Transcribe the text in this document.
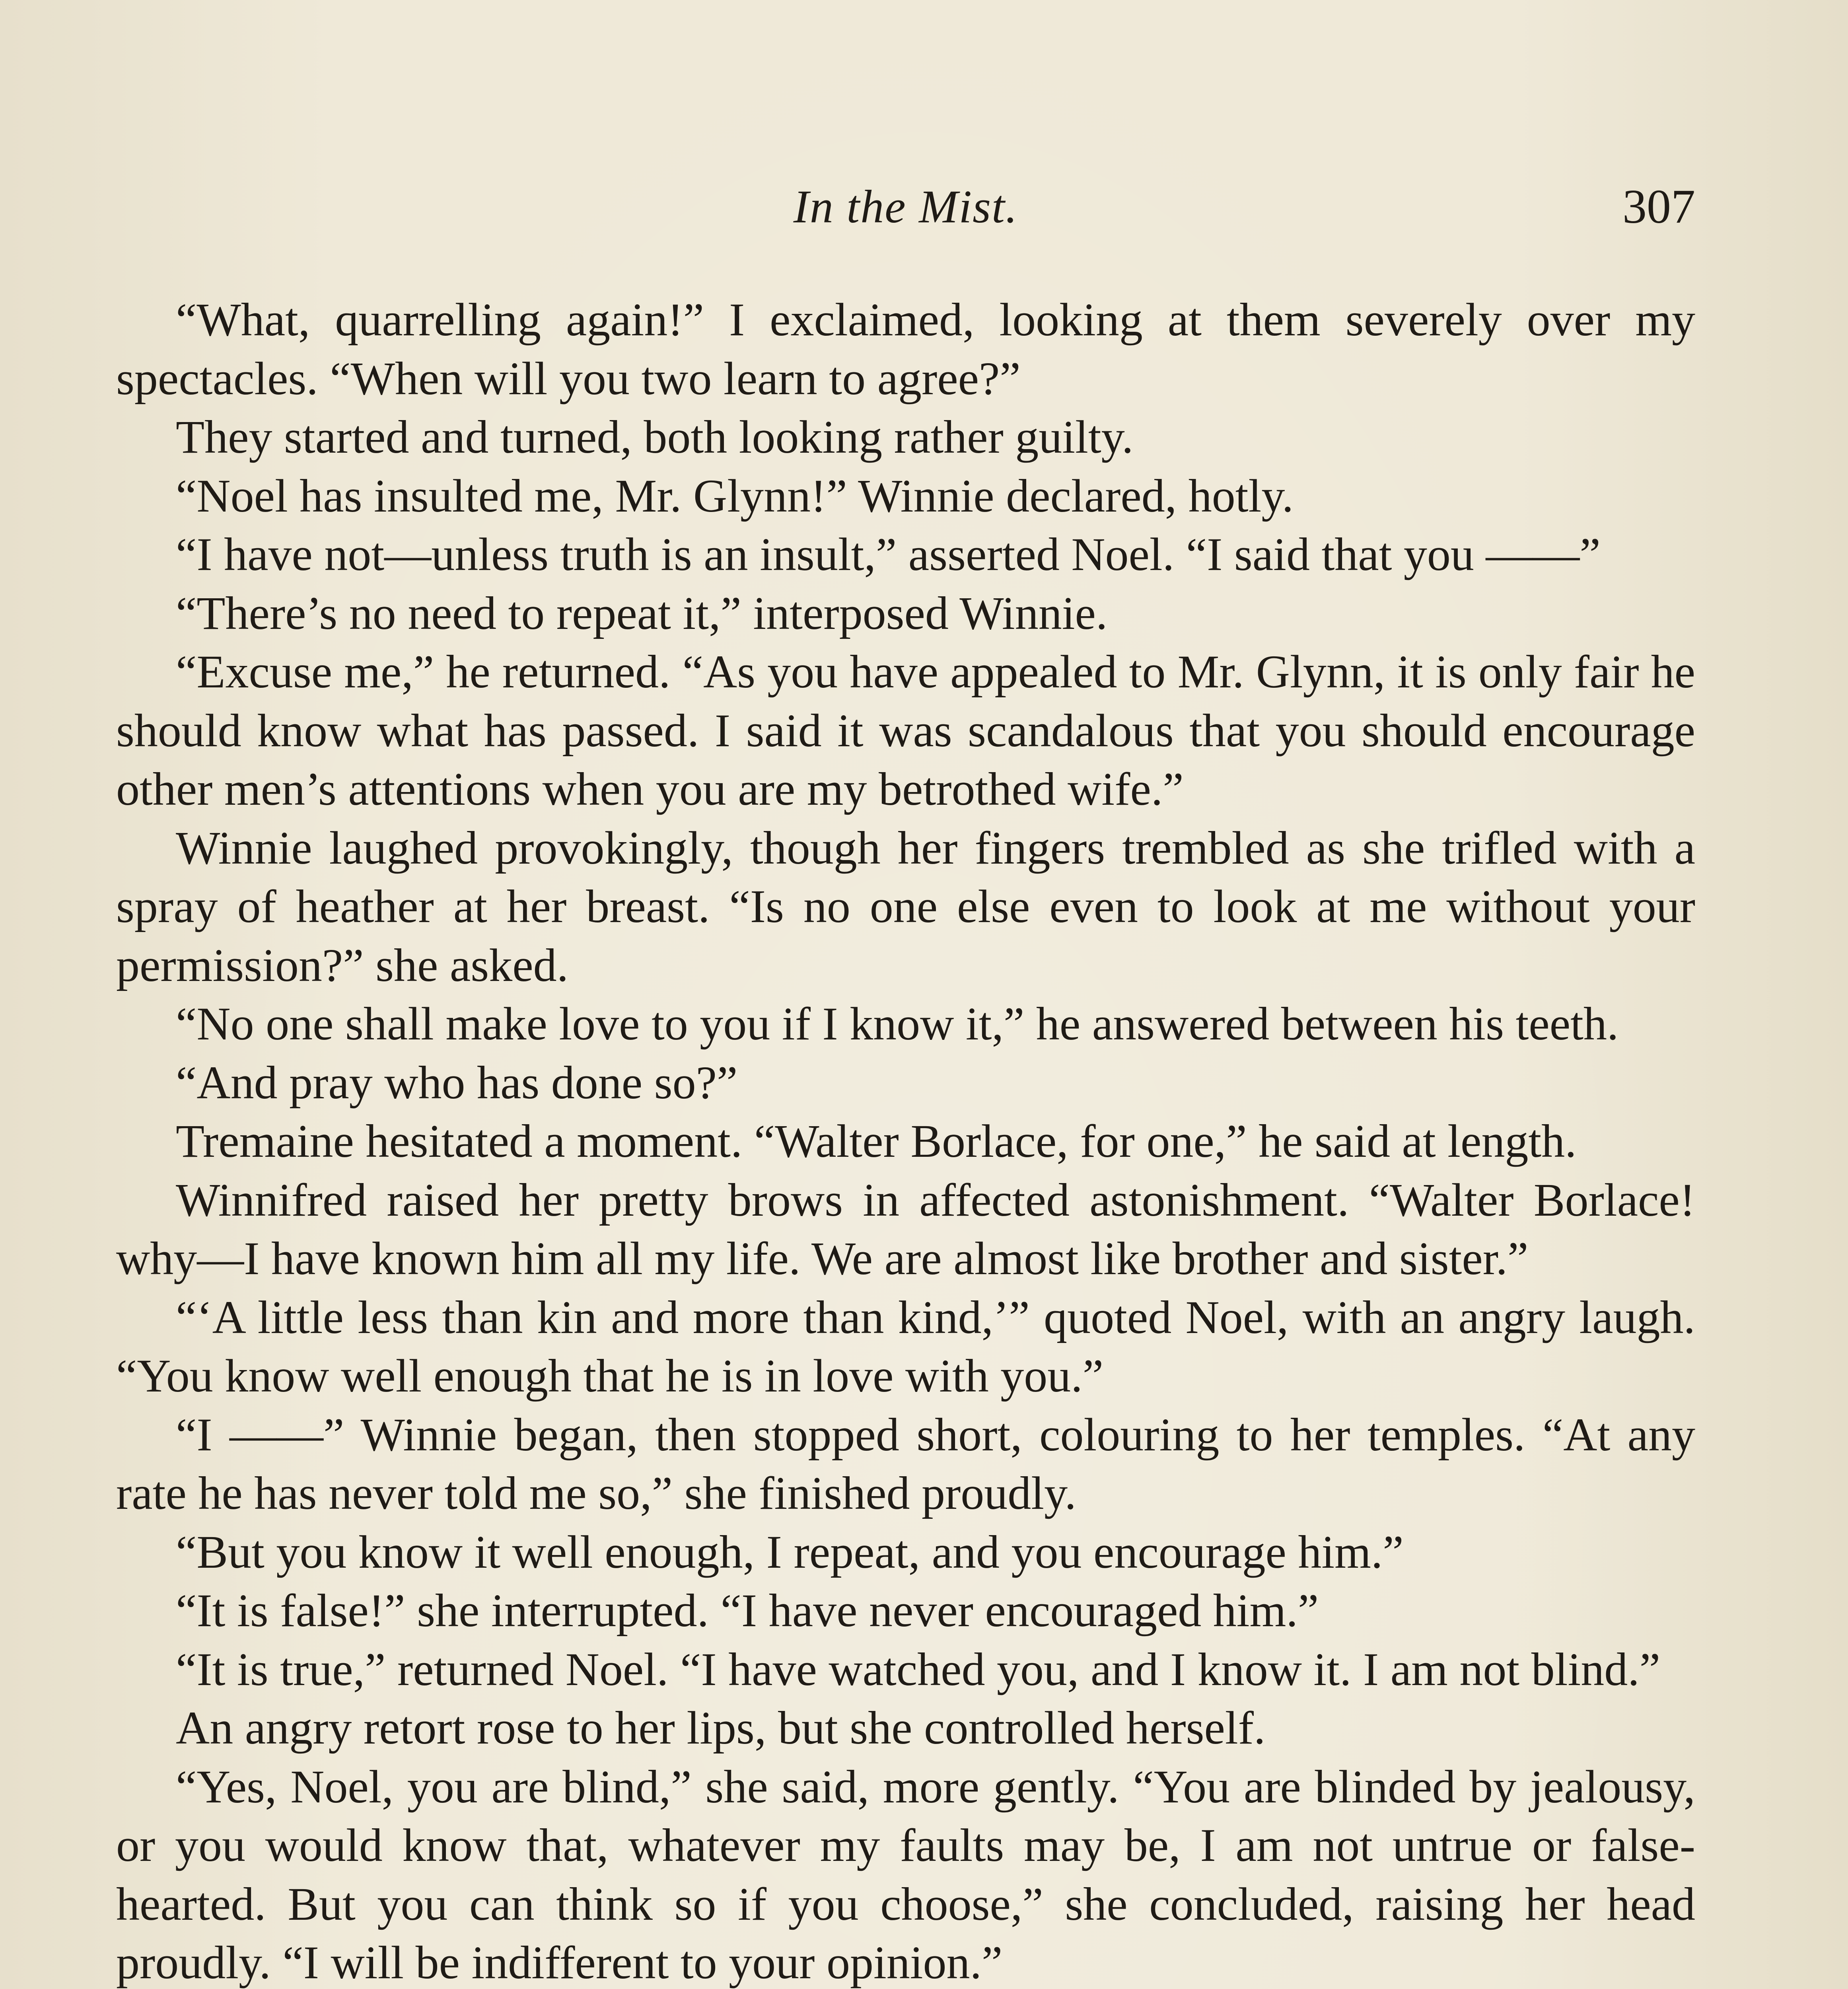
In the Mist.	307

“What, quarrelling again!” I exclaimed, looking at them severely over my spectacles. “When will you two learn to agree?”

They started and turned, both looking rather guilty.

“Noel has insulted me, Mr. Glynn!” Winnie declared, hotly.

“I have not—unless truth is an insult,” asserted Noel. “I said that you ——”

“There’s no need to repeat it,” interposed Winnie.

“Excuse me,” he returned. “As you have appealed to Mr. Glynn, it is only fair he should know what has passed. I said it was scandalous that you should encourage other men’s attentions when you are my betrothed wife.”

Winnie laughed provokingly, though her fingers trembled as she trifled with a spray of heather at her breast. “Is no one else even to look at me without your permission?” she asked.

“No one shall make love to you if I know it,” he answered between his teeth.

“And pray who has done so?”

Tremaine hesitated a moment. “Walter Borlace, for one,” he said at length.

Winnifred raised her pretty brows in affected astonishment. “Walter Borlace! why—I have known him all my life. We are almost like brother and sister.”

“‘A little less than kin and more than kind,’” quoted Noel, with an angry laugh. “You know well enough that he is in love with you.”

“I ——” Winnie began, then stopped short, colouring to her temples. “At any rate he has never told me so,” she finished proudly.

“But you know it well enough, I repeat, and you encourage him.”

“It is false!” she interrupted. “I have never encouraged him.”

“It is true,” returned Noel. “I have watched you, and I know it. I am not blind.”

An angry retort rose to her lips, but she controlled herself.

“Yes, Noel, you are blind,” she said, more gently. “You are blinded by jealousy, or you would know that, whatever my faults may be, I am not untrue or false-hearted. But you can think so if you choose,” she concluded, raising her head proudly. “I will be indifferent to your opinion.”
